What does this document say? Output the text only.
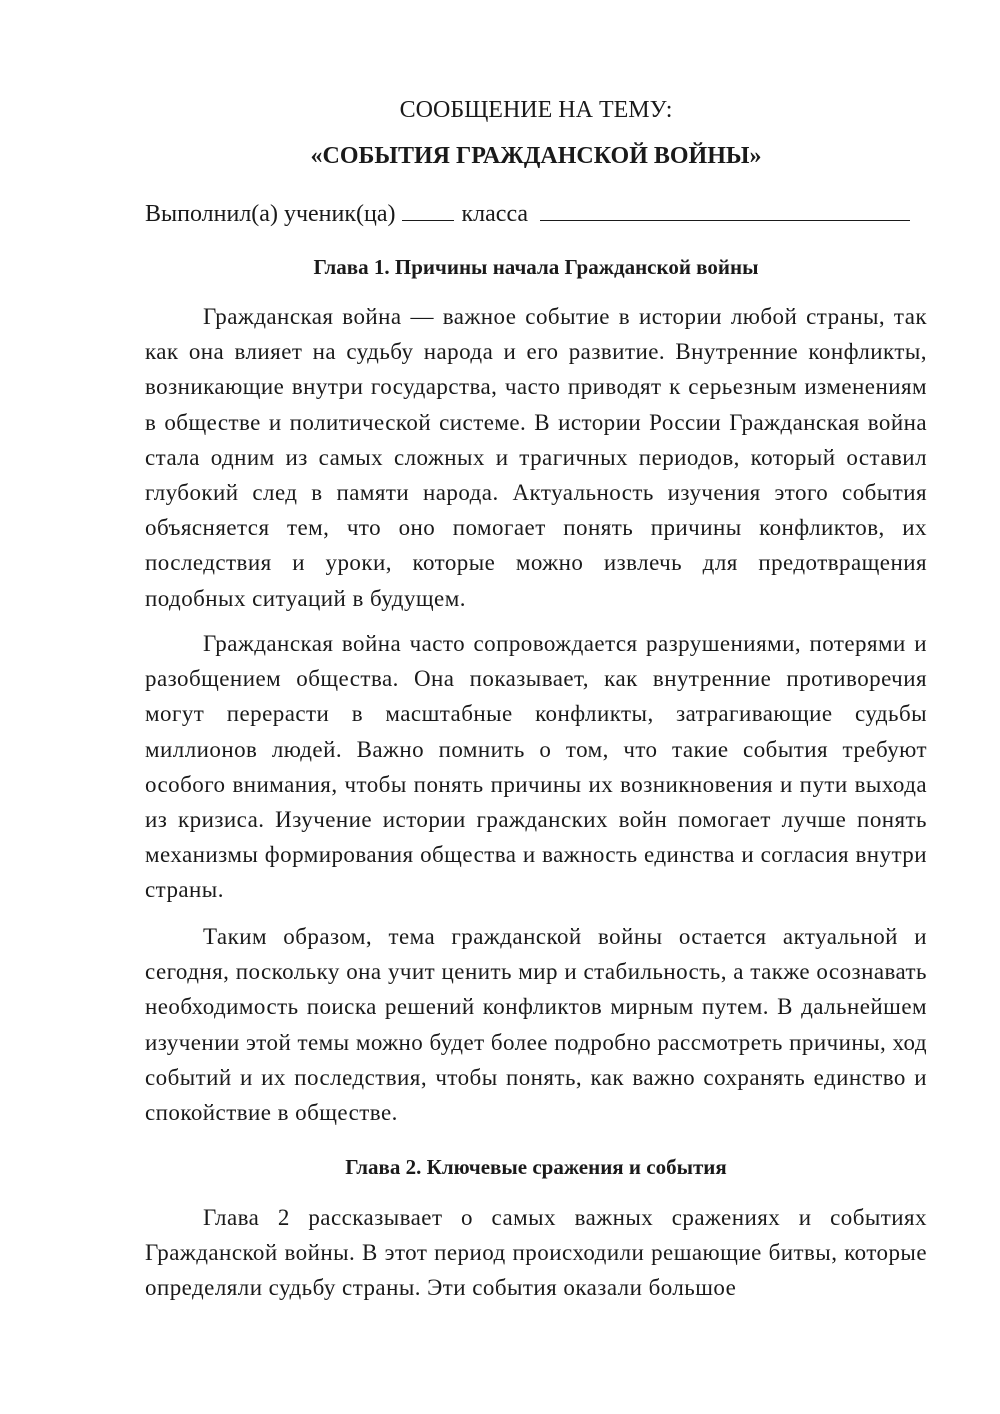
СООБЩЕНИЕ НА ТЕМУ:

«СОБЫТИЯ ГРАЖДАНСКОЙ ВОЙНЫ»

Выполнил(а) ученик(ца)	класса
Глава 1. Причины начала Гражданской войны

Гражданская война — важное событие в истории любой страны, так как она влияет на судьбу народа и его развитие. Внутренние конфликты, возникающие внутри государства, часто приводят к серьезным изменениям в обществе и политической системе. В истории России Гражданская война стала одним из самых сложных и трагичных периодов, который оставил глубокий след в памяти народа. Актуальность изучения этого события объясняется тем, что оно помогает понять причины конфликтов, их последствия и уроки, которые можно извлечь для предотвращения подобных ситуаций в будущем.

Гражданская война часто сопровождается разрушениями, потерями и разобщением общества. Она показывает, как внутренние противоречия могут перерасти в масштабные конфликты, затрагивающие судьбы миллионов людей. Важно помнить о том, что такие события требуют особого внимания, чтобы понять причины их возникновения и пути выхода из кризиса. Изучение истории гражданских войн помогает лучше понять механизмы формирования общества и важность единства и согласия внутри страны.

Таким образом, тема гражданской войны остается актуальной и сегодня, поскольку она учит ценить мир и стабильность, а также осознавать необходимость поиска решений конфликтов мирным путем. В дальнейшем изучении этой темы можно будет более подробно рассмотреть причины, ход событий и их последствия, чтобы понять, как важно сохранять единство и спокойствие в обществе.

Глава 2. Ключевые сражения и события

Глава 2 рассказывает о самых важных сражениях и событиях Гражданской войны. В этот период происходили решающие битвы, которые определяли судьбу страны. Эти события оказали большое
